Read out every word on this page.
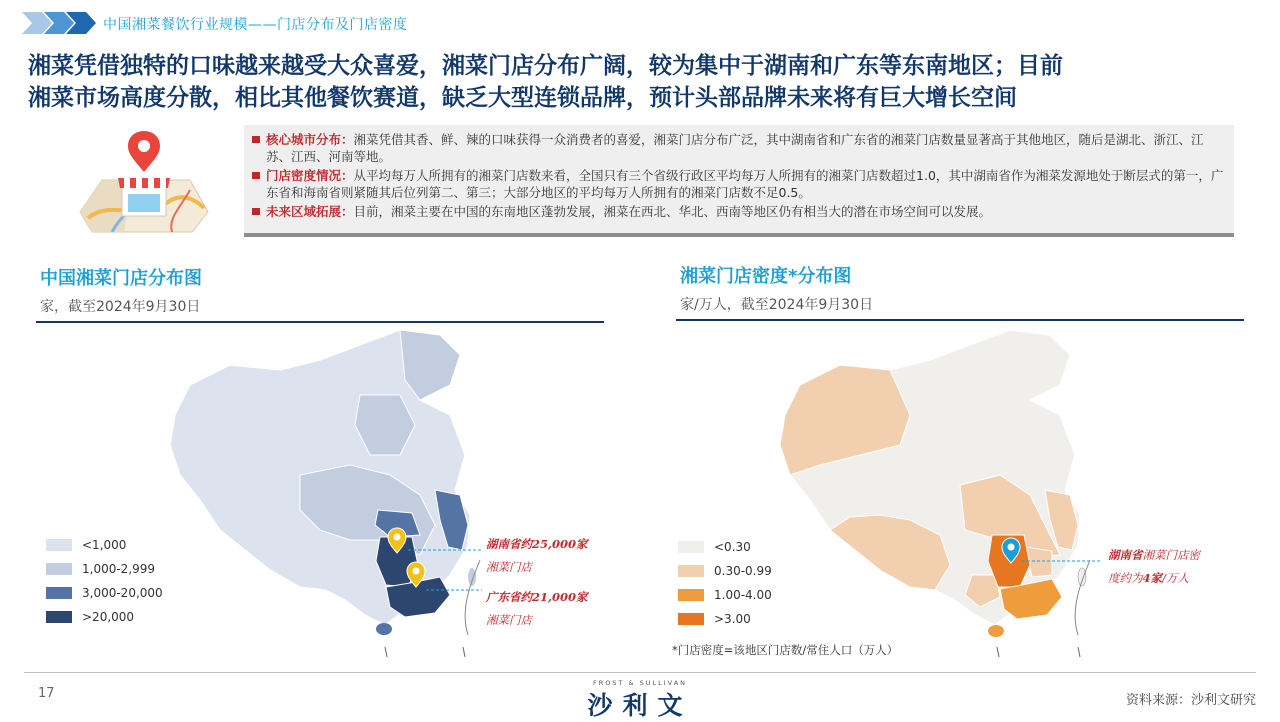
中国湘菜餐饮行业规模——门店分布及门店密度
湘菜凭借独特的口味越来越受大众喜爱，湘菜门店分布广阔，较为集中于湖南和广东等东南地区；目前
湘菜市场高度分散，相比其他餐饮赛道，缺乏大型连锁品牌，预计头部品牌未来将有巨大增长空间
核心城市分布：湘菜凭借其香、鲜、辣的口味获得一众消费者的喜爱，湘菜门店分布广泛，其中湖南省和广东省的湘菜门店数量显著高于其他地区，随后是湖北、浙江、江苏、江西、河南等地。
门店密度情况：从平均每万人所拥有的湘菜门店数来看，全国只有三个省级行政区平均每万人所拥有的湘菜门店数超过1.0，其中湖南省作为湘菜发源地处于断层式的第一，广东省和海南省则紧随其后位列第二、第三；大部分地区的平均每万人所拥有的湘菜门店数不足0.5。
未来区域拓展：目前，湘菜主要在中国的东南地区蓬勃发展，湘菜在西北、华北、西南等地区仍有相当大的潜在市场空间可以发展。
中国湘菜门店分布图
家，截至2024年9月30日
<1,000
1,000-2,999
3,000-20,000
>20,000
湖南省约25,000家
湘菜门店
广东省约21,000家
湘菜门店
湘菜门店密度*分布图
家/万人，截至2024年9月30日
<0.30
0.30-0.99
1.00-4.00
>3.00
湖南省湘菜门店密
度约为4家/万人
*门店密度=该地区门店数/常住人口（万人）
17
FROST & SULLIVAN
沙利文	资料来源：沙利文研究
